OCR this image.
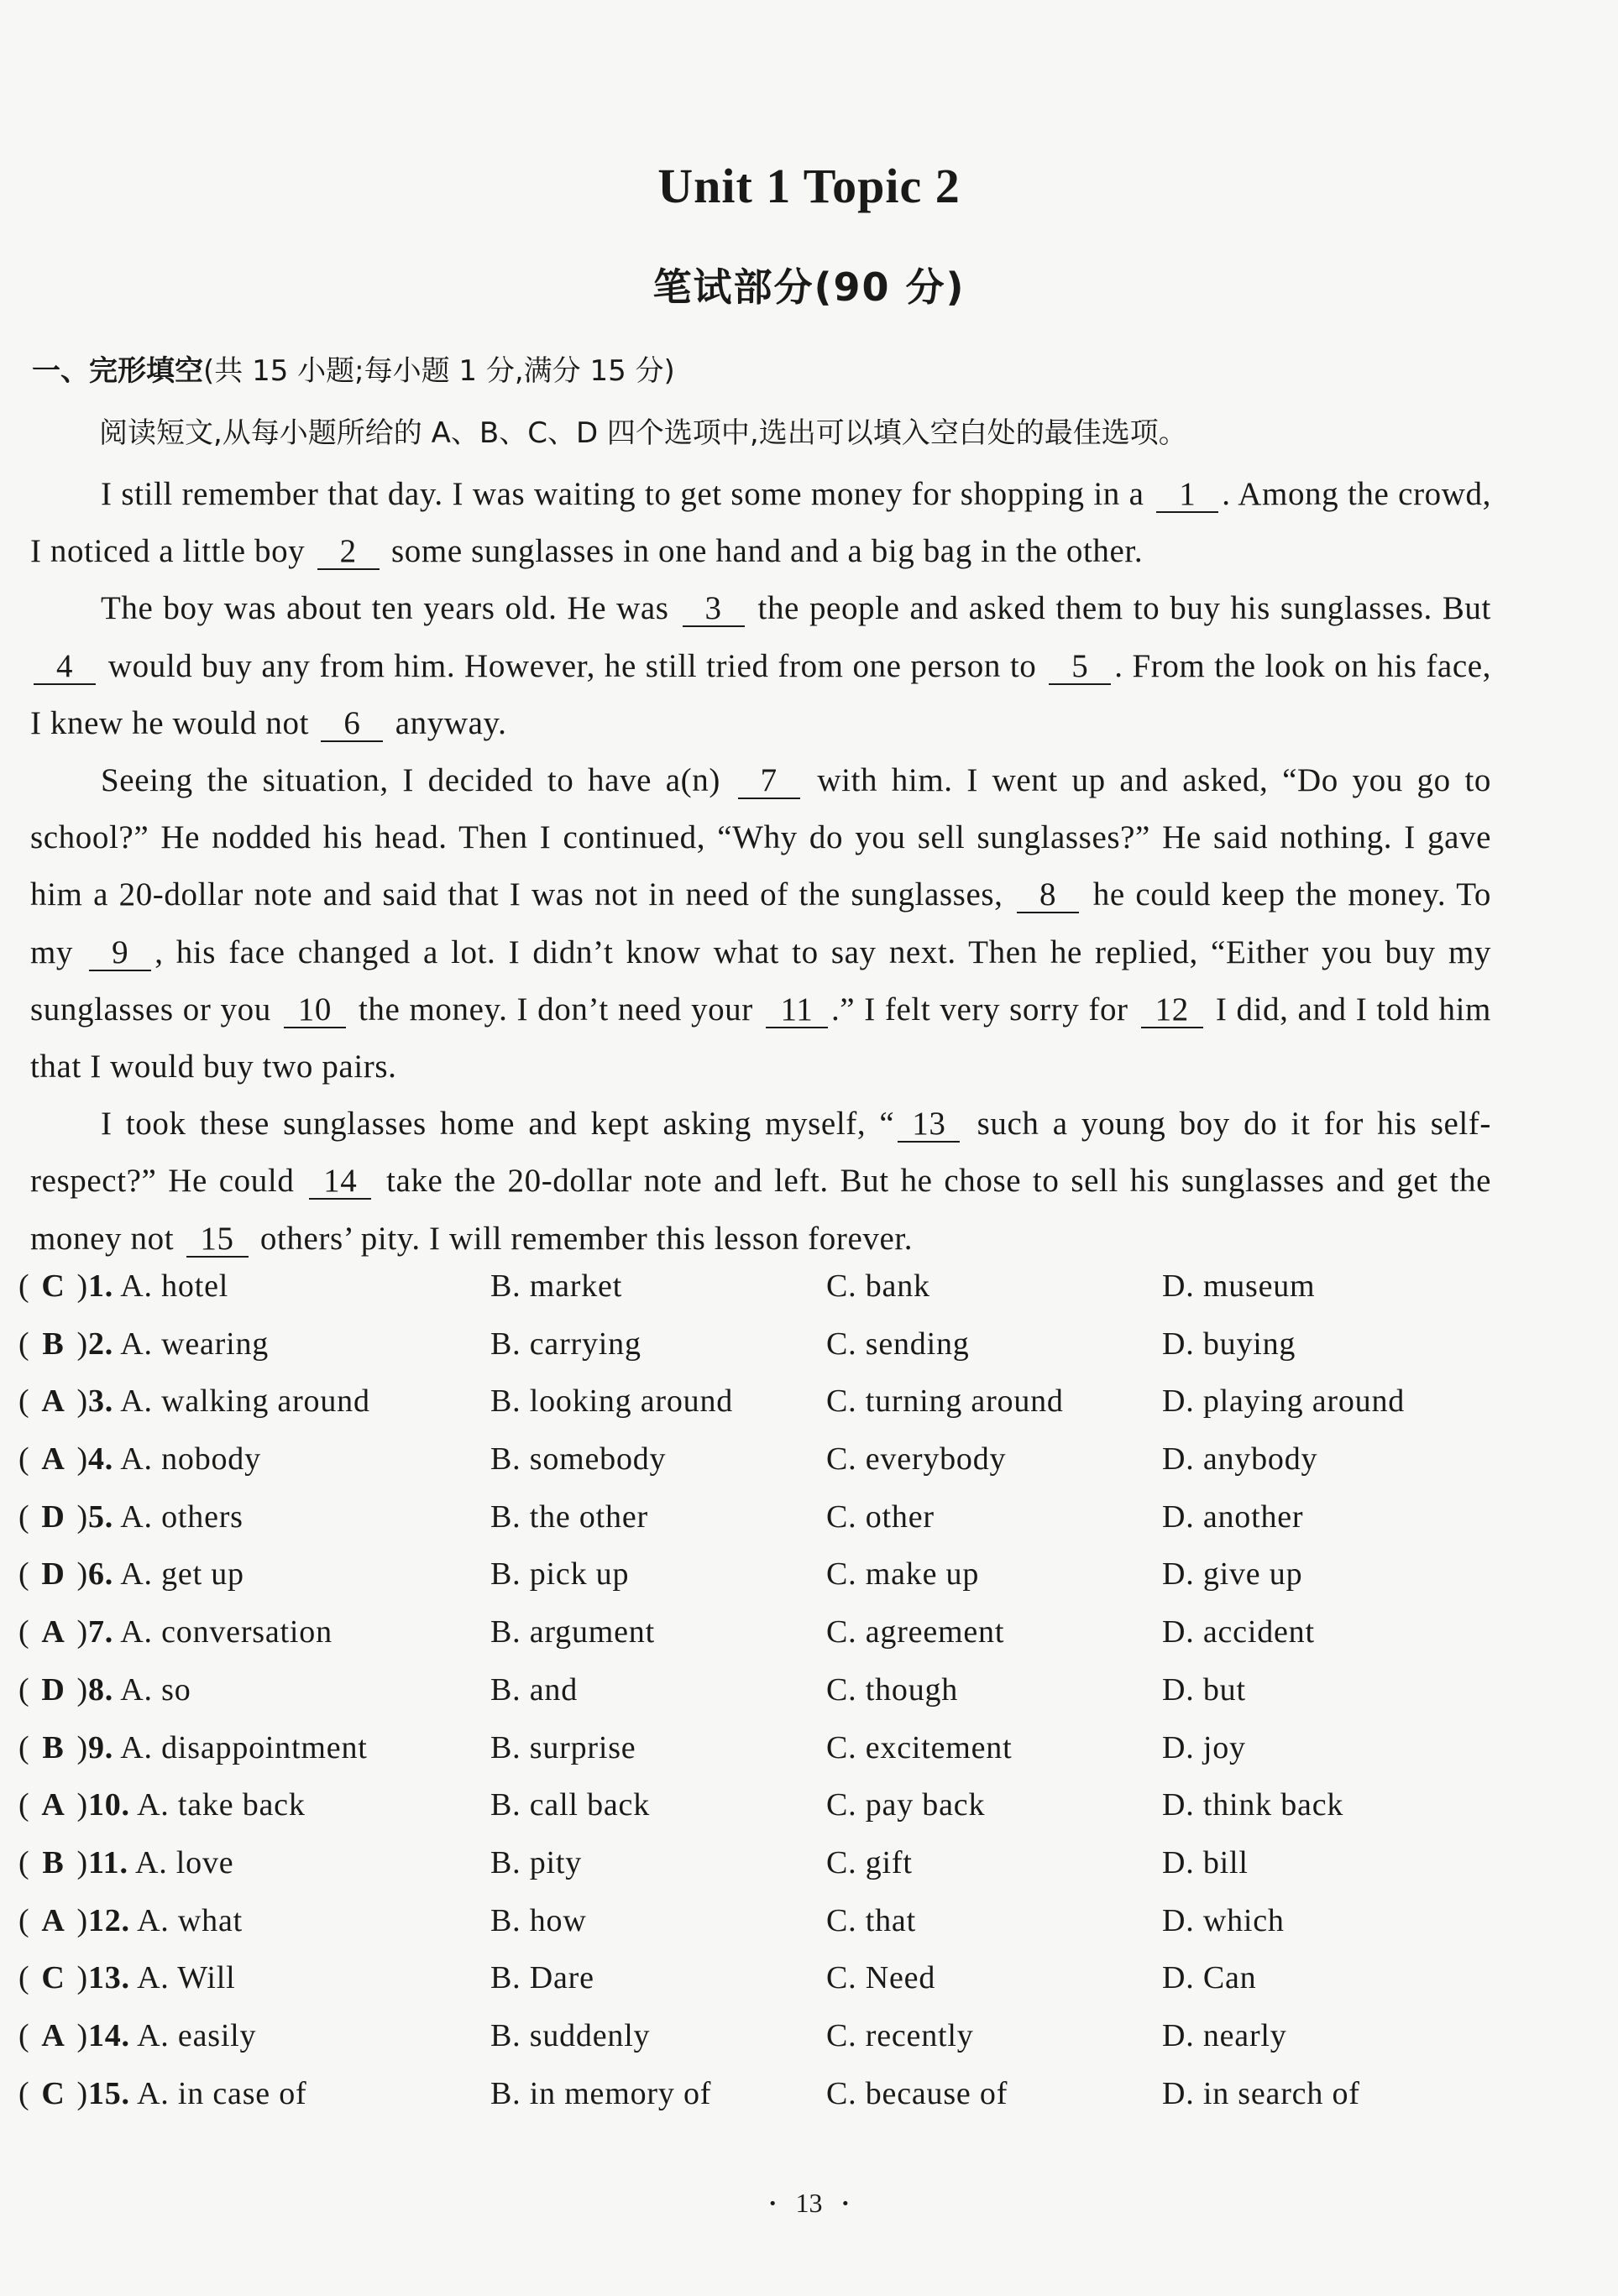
Unit 1 Topic 2
笔试部分(90 分)
一、完形填空(共 15 小题;每小题 1 分,满分 15 分)
阅读短文,从每小题所给的 A、B、C、D 四个选项中,选出可以填入空白处的最佳选项。

I still remember that day. I was waiting to get some money for shopping in a 1 . Among the crowd, I noticed a little boy 2 some sunglasses in one hand and a big bag in the other.

The boy was about ten years old. He was 3 the people and asked them to buy his sunglasses. But 4 would buy any from him. However, he still tried from one person to 5 . From the look on his face, I knew he would not 6 anyway.

Seeing the situation, I decided to have a(n) 7 with him. I went up and asked, “Do you go to school?” He nodded his head. Then I continued, “Why do you sell sunglasses?” He said nothing. I gave him a 20-dollar note and said that I was not in need of the sunglasses, 8 he could keep the money. To my 9 , his face changed a lot. I didn’t know what to say next. Then he replied, “Either you buy my sunglasses or you 10 the money. I don’t need your 11 .” I felt very sorry for 12 I did, and I told him that I would buy two pairs.

I took these sunglasses home and kept asking myself, “ 13 such a young boy do it for his self-respect?” He could 14 take the 20-dollar note and left. But he chose to sell his sunglasses and get the money not 15 others’ pity. I will remember this lesson forever.

( C )1. A. hotel	B. market	C. bank	D. museum
( B )2. A. wearing	B. carrying	C. sending	D. buying
( A )3. A. walking around	B. looking around	C. turning around	D. playing around
( A )4. A. nobody	B. somebody	C. everybody	D. anybody
( D )5. A. others	B. the other	C. other	D. another
( D )6. A. get up	B. pick up	C. make up	D. give up
( A )7. A. conversation	B. argument	C. agreement	D. accident
( D )8. A. so	B. and	C. though	D. but
( B )9. A. disappointment	B. surprise	C. excitement	D. joy
( A )10. A. take back	B. call back	C. pay back	D. think back
( B )11. A. love	B. pity	C. gift	D. bill
( A )12. A. what	B. how	C. that	D. which
( C )13. A. Will	B. Dare	C. Need	D. Can
( A )14. A. easily	B. suddenly	C. recently	D. nearly
( C )15. A. in case of	B. in memory of	C. because of	D. in search of
· 13 ·
